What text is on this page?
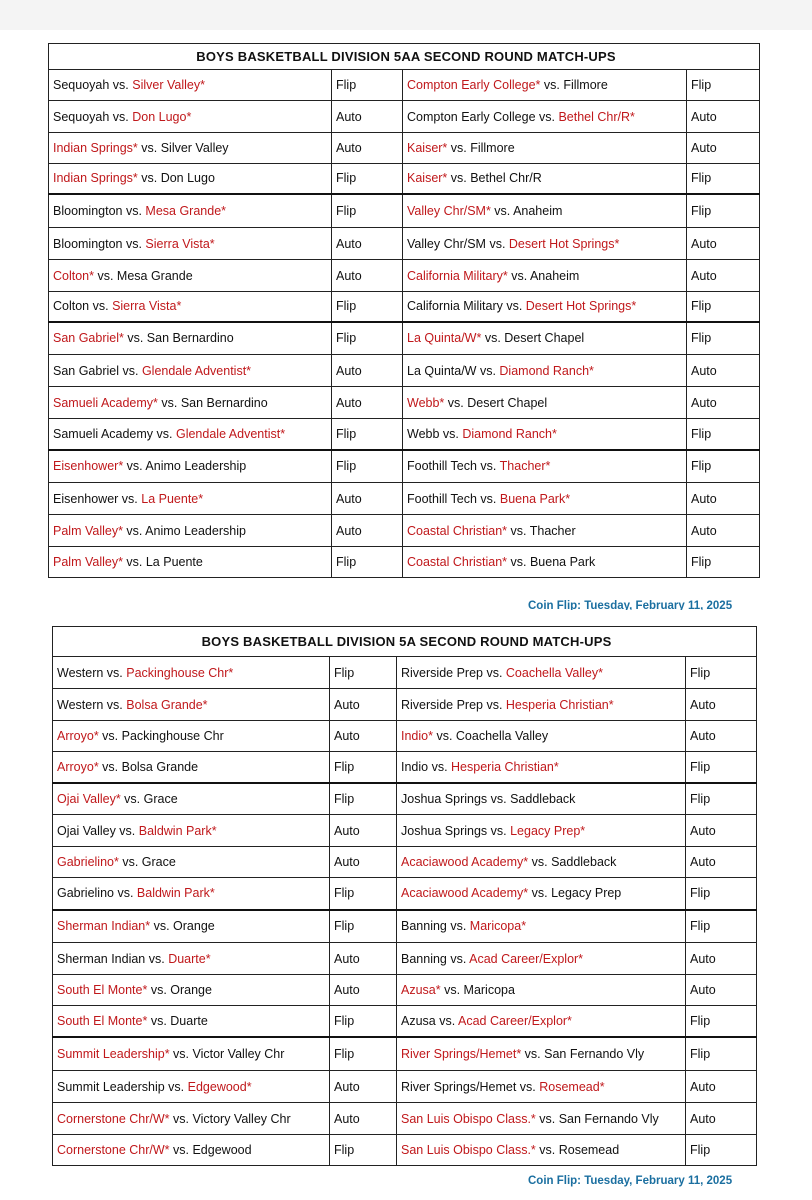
BOYS BASKETBALL DIVISION 5AA SECOND ROUND MATCH-UPS			
Sequoyah vs. Silver Valley*	Flip	Compton Early College* vs. Fillmore	Flip
Sequoyah vs. Don Lugo*	Auto	Compton Early College vs. Bethel Chr/R*	Auto
Indian Springs* vs. Silver Valley	Auto	Kaiser* vs. Fillmore	Auto
Indian Springs* vs. Don Lugo	Flip	Kaiser* vs. Bethel Chr/R	Flip
Bloomington vs. Mesa Grande*	Flip	Valley Chr/SM* vs. Anaheim	Flip
Bloomington vs. Sierra Vista*	Auto	Valley Chr/SM vs. Desert Hot Springs*	Auto
Colton* vs. Mesa Grande	Auto	California Military* vs. Anaheim	Auto
Colton vs. Sierra Vista*	Flip	California Military vs. Desert Hot Springs*	Flip
San Gabriel* vs. San Bernardino	Flip	La Quinta/W* vs. Desert Chapel	Flip
San Gabriel vs. Glendale Adventist*	Auto	La Quinta/W vs. Diamond Ranch*	Auto
Samueli Academy* vs. San Bernardino	Auto	Webb* vs. Desert Chapel	Auto
Samueli Academy vs. Glendale Adventist*	Flip	Webb vs. Diamond Ranch*	Flip
Eisenhower* vs. Animo Leadership	Flip	Foothill Tech vs. Thacher*	Flip
Eisenhower vs. La Puente*	Auto	Foothill Tech vs. Buena Park*	Auto
Palm Valley* vs. Animo Leadership	Auto	Coastal Christian* vs. Thacher	Auto
Palm Valley* vs. La Puente	Flip	Coastal Christian* vs. Buena Park	Flip
Coin Flip: Tuesday, February 11, 2025
BOYS BASKETBALL DIVISION 5A SECOND ROUND MATCH-UPS			
Western vs. Packinghouse Chr*	Flip	Riverside Prep vs. Coachella Valley*	Flip
Western vs. Bolsa Grande*	Auto	Riverside Prep vs. Hesperia Christian*	Auto
Arroyo* vs. Packinghouse Chr	Auto	Indio* vs. Coachella Valley	Auto
Arroyo* vs. Bolsa Grande	Flip	Indio vs. Hesperia Christian*	Flip
Ojai Valley* vs. Grace	Flip	Joshua Springs vs. Saddleback	Flip
Ojai Valley vs. Baldwin Park*	Auto	Joshua Springs vs. Legacy Prep*	Auto
Gabrielino* vs. Grace	Auto	Acaciawood Academy* vs. Saddleback	Auto
Gabrielino vs. Baldwin Park*	Flip	Acaciawood Academy* vs. Legacy Prep	Flip
Sherman Indian* vs. Orange	Flip	Banning vs. Maricopa*	Flip
Sherman Indian vs. Duarte*	Auto	Banning vs. Acad Career/Explor*	Auto
South El Monte* vs. Orange	Auto	Azusa* vs. Maricopa	Auto
South El Monte* vs. Duarte	Flip	Azusa vs. Acad Career/Explor*	Flip
Summit Leadership* vs. Victor Valley Chr	Flip	River Springs/Hemet* vs. San Fernando Vly	Flip
Summit Leadership vs. Edgewood*	Auto	River Springs/Hemet vs. Rosemead*	Auto
Cornerstone Chr/W* vs. Victory Valley Chr	Auto	San Luis Obispo Class.* vs. San Fernando Vly	Auto
Cornerstone Chr/W* vs. Edgewood	Flip	San Luis Obispo Class.* vs. Rosemead	Flip
Coin Flip: Tuesday, February 11, 2025
